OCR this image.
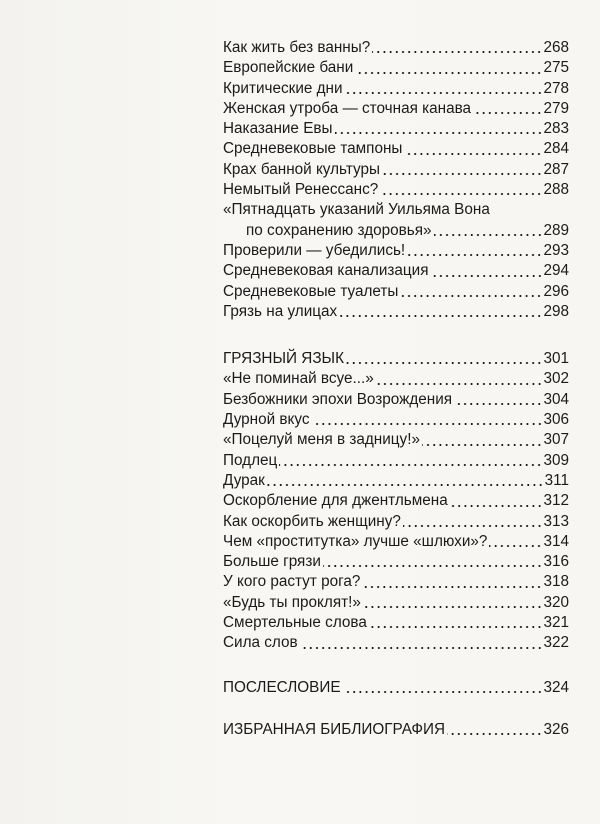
Как жить без ванны?	268
Европейские бани	275
Критические дни	278
Женская утроба — сточная канава	279
Наказание Евы	283
Средневековые тампоны	284
Крах банной культуры	287
Немытый Ренессанс?	288
«Пятнадцать указаний Уильяма Вона
по сохранению здоровья»	289
Проверили — убедились!	293
Средневековая канализация	294
Средневековые туалеты	296
Грязь на улицах	298
ГРЯЗНЫЙ ЯЗЫК	301
«Не поминай всуе...»	302
Безбожники эпохи Возрождения	304
Дурной вкус	306
«Поцелуй меня в задницу!»	307
Подлец	309
Дурак	311
Оскорбление для джентльмена	312
Как оскорбить женщину?	313
Чем «проститутка» лучше «шлюхи»?	314
Больше грязи	316
У кого растут рога?	318
«Будь ты проклят!»	320
Смертельные слова	321
Сила слов	322
ПОСЛЕСЛОВИЕ	324
ИЗБРАННАЯ БИБЛИОГРАФИЯ	326
